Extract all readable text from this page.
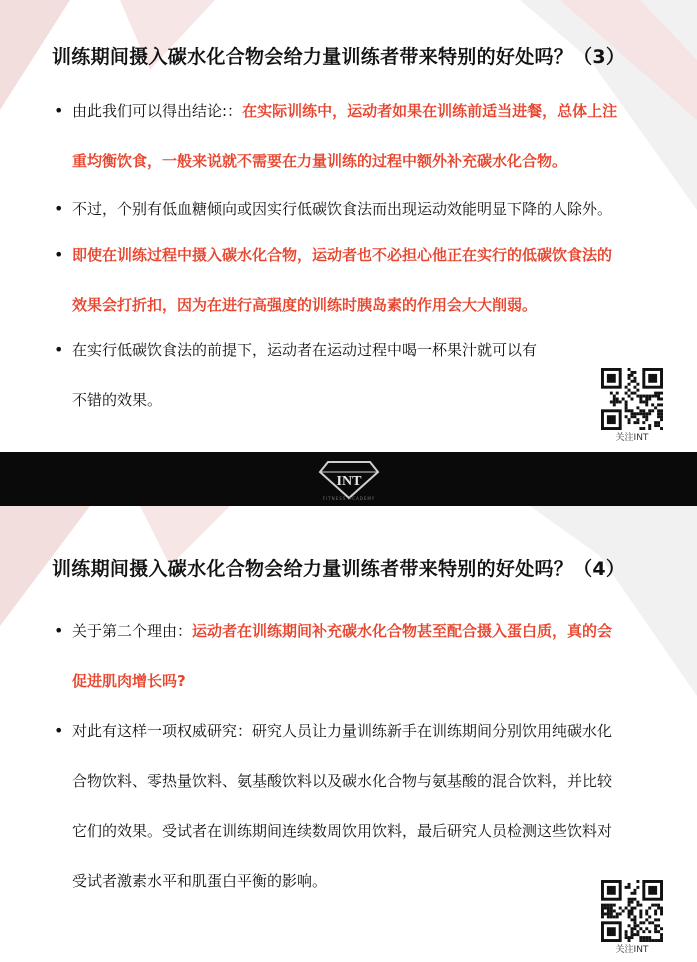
训练期间摄入碳水化合物会给力量训练者带来特别的好处吗？（3）
• 由此我们可以得出结论:：在实际训练中，运动者如果在训练前适当进餐，总体上注
重均衡饮食，一般来说就不需要在力量训练的过程中额外补充碳水化合物。
• 不过，个别有低血糖倾向或因实行低碳饮食法而出现运动效能明显下降的人除外。
• 即使在训练过程中摄入碳水化合物，运动者也不必担心他正在实行的低碳饮食法的
效果会打折扣，因为在进行高强度的训练时胰岛素的作用会大大削弱。
• 在实行低碳饮食法的前提下，运动者在运动过程中喝一杯果汁就可以有
不错的效果。
关注INT
INT
FITNESS ACADEMY
训练期间摄入碳水化合物会给力量训练者带来特别的好处吗？（4）
• 关于第二个理由：运动者在训练期间补充碳水化合物甚至配合摄入蛋白质，真的会
促进肌肉增长吗?
• 对此有这样一项权威研究：研究人员让力量训练新手在训练期间分别饮用纯碳水化
合物饮料、零热量饮料、氨基酸饮料以及碳水化合物与氨基酸的混合饮料，并比较
它们的效果。受试者在训练期间连续数周饮用饮料，最后研究人员检测这些饮料对
受试者激素水平和肌蛋白平衡的影响。
关注INT
